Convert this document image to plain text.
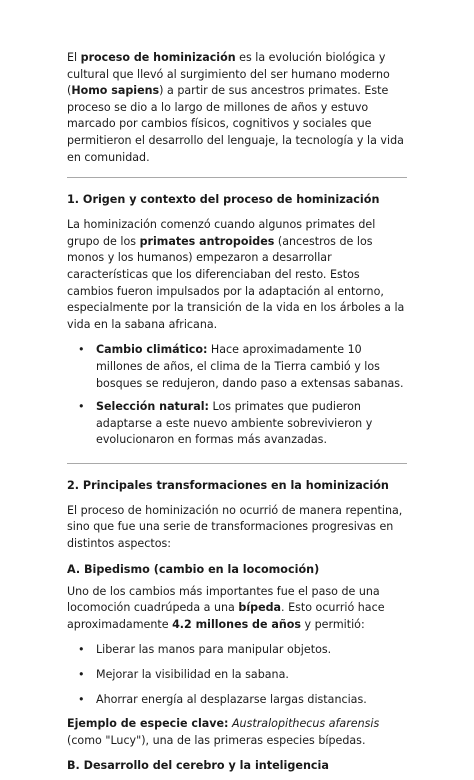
El proceso de hominización es la evolución biológica y cultural que llevó al surgimiento del ser humano moderno (Homo sapiens) a partir de sus ancestros primates. Este proceso se dio a lo largo de millones de años y estuvo marcado por cambios físicos, cognitivos y sociales que permitieron el desarrollo del lenguaje, la tecnología y la vida en comunidad.

1. Origen y contexto del proceso de hominización

La hominización comenzó cuando algunos primates del grupo de los primates antropoides (ancestros de los monos y los humanos) empezaron a desarrollar características que los diferenciaban del resto. Estos cambios fueron impulsados por la adaptación al entorno, especialmente por la transición de la vida en los árboles a la vida en la sabana africana.

• Cambio climático: Hace aproximadamente 10 millones de años, el clima de la Tierra cambió y los bosques se redujeron, dando paso a extensas sabanas.
• Selección natural: Los primates que pudieron adaptarse a este nuevo ambiente sobrevivieron y evolucionaron en formas más avanzadas.
2. Principales transformaciones en la hominización

El proceso de hominización no ocurrió de manera repentina, sino que fue una serie de transformaciones progresivas en distintos aspectos:

A. Bipedismo (cambio en la locomoción)

Uno de los cambios más importantes fue el paso de una locomoción cuadrúpeda a una bípeda. Esto ocurrió hace aproximadamente 4.2 millones de años y permitió:

• Liberar las manos para manipular objetos.
• Mejorar la visibilidad en la sabana.
• Ahorrar energía al desplazarse largas distancias.

Ejemplo de especie clave: Australopithecus afarensis (como "Lucy"), una de las primeras especies bípedas.

B. Desarrollo del cerebro y la inteligencia
